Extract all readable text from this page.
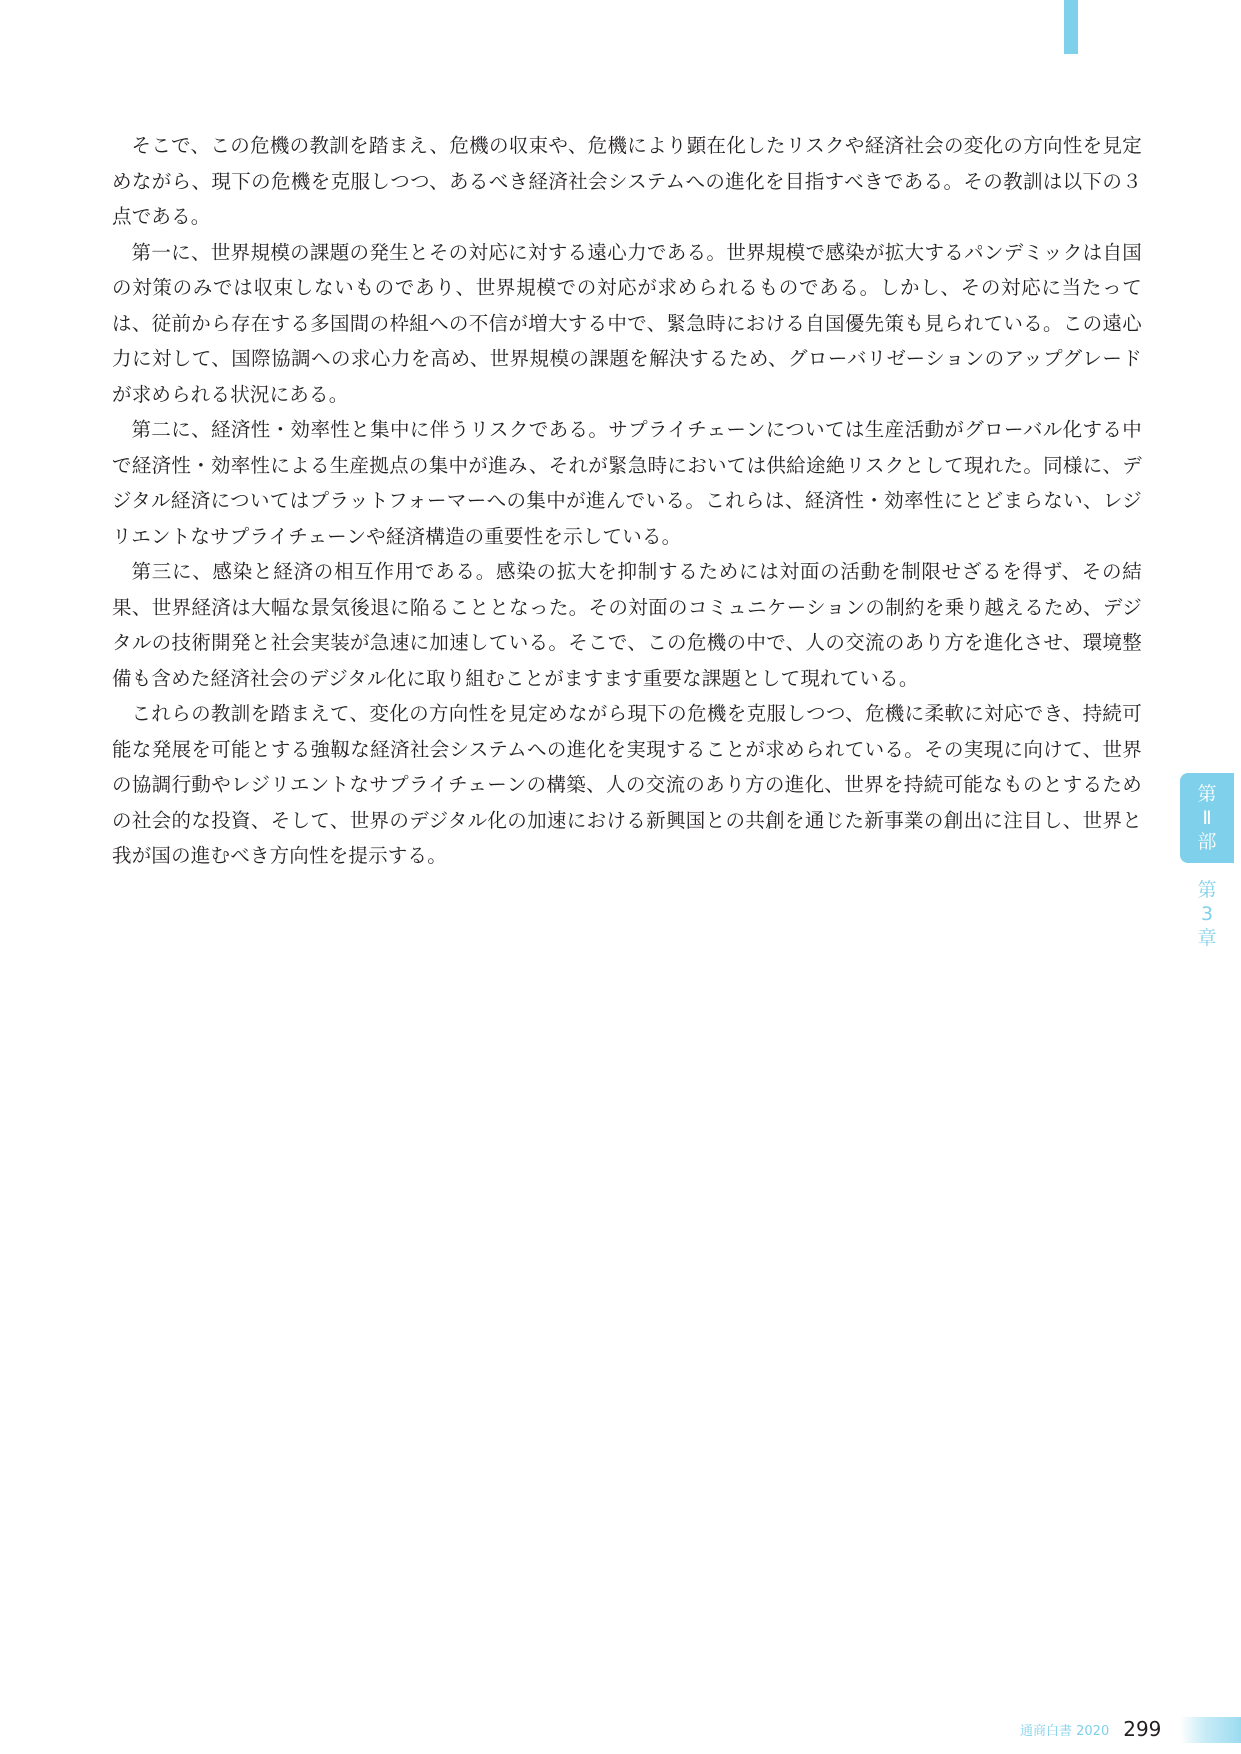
そこで、この危機の教訓を踏まえ、危機の収束や、危機により顕在化したリスクや経済社会の変化の方向性を見定めながら、現下の危機を克服しつつ、あるべき経済社会システムへの進化を目指すべきである。その教訓は以下の３点である。

第一に、世界規模の課題の発生とその対応に対する遠心力である。世界規模で感染が拡大するパンデミックは自国の対策のみでは収束しないものであり、世界規模での対応が求められるものである。しかし、その対応に当たっては、従前から存在する多国間の枠組への不信が増大する中で、緊急時における自国優先策も見られている。この遠心力に対して、国際協調への求心力を高め、世界規模の課題を解決するため、グローバリゼーションのアップグレードが求められる状況にある。

第二に、経済性・効率性と集中に伴うリスクである。サプライチェーンについては生産活動がグローバル化する中で経済性・効率性による生産拠点の集中が進み、それが緊急時においては供給途絶リスクとして現れた。同様に、デジタル経済についてはプラットフォーマーへの集中が進んでいる。これらは、経済性・効率性にとどまらない、レジリエントなサプライチェーンや経済構造の重要性を示している。

第三に、感染と経済の相互作用である。感染の拡大を抑制するためには対面の活動を制限せざるを得ず、その結果、世界経済は大幅な景気後退に陥ることとなった。その対面のコミュニケーションの制約を乗り越えるため、デジタルの技術開発と社会実装が急速に加速している。そこで、この危機の中で、人の交流のあり方を進化させ、環境整備も含めた経済社会のデジタル化に取り組むことがますます重要な課題として現れている。

これらの教訓を踏まえて、変化の方向性を見定めながら現下の危機を克服しつつ、危機に柔軟に対応でき、持続可能な発展を可能とする強靱な経済社会システムへの進化を実現することが求められている。その実現に向けて、世界の協調行動やレジリエントなサプライチェーンの構築、人の交流のあり方の進化、世界を持続可能なものとするための社会的な投資、そして、世界のデジタル化の加速における新興国との共創を通じた新事業の創出に注目し、世界と我が国の進むべき方向性を提示する。

第
Ⅱ
部
第
3
章
通商白書 2020 299
